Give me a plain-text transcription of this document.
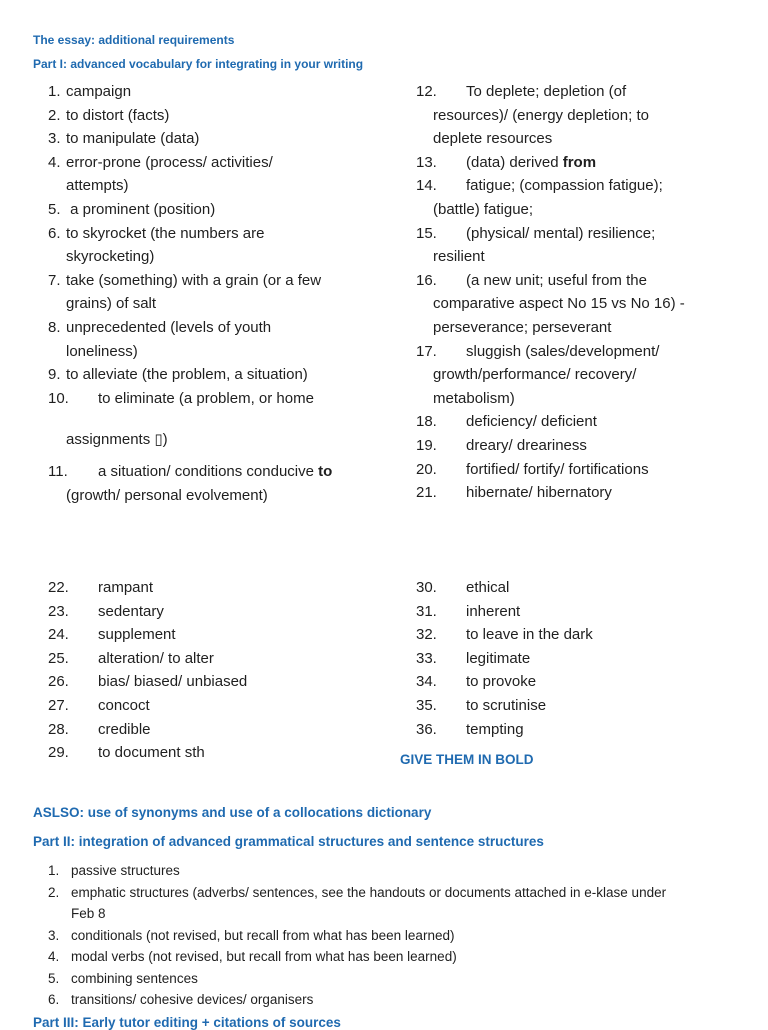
The essay: additional requirements
Part I: advanced vocabulary for integrating in your writing
1. campaign
2. to distort (facts)
3. to manipulate (data)
4. error-prone (process/ activities/
attempts)
5. a prominent (position)
6. to skyrocket (the numbers are
skyrocketing)
7. take (something) with a grain (or a few
grains) of salt
8. unprecedented (levels of youth
loneliness)
9. to alleviate (the problem, a situation)
10. to eliminate (a problem, or home
assignments ▯)
11. a situation/ conditions conducive to
(growth/ personal evolvement)
12. To deplete; depletion (of
resources)/ (energy depletion; to
deplete resources
13. (data) derived from
14. fatigue; (compassion fatigue);
(battle) fatigue;
15. (physical/ mental) resilience;
resilient
16. (a new unit; useful from the
comparative aspect No 15 vs No 16) -
perseverance; perseverant
17. sluggish (sales/development/
growth/performance/ recovery/
metabolism)
18. deficiency/ deficient
19. dreary/ dreariness
20. fortified/ fortify/ fortifications
21. hibernate/ hibernatory
22. rampant
23. sedentary
24. supplement
25. alteration/ to alter
26. bias/ biased/ unbiased
27. concoct
28. credible
29. to document sth
30. ethical
31. inherent
32. to leave in the dark
33. legitimate
34. to provoke
35. to scrutinise
36. tempting
GIVE THEM IN BOLD
ASLSO: use of synonyms and use of a collocations dictionary
Part II: integration of advanced grammatical structures and sentence structures
1. passive structures
2. emphatic structures (adverbs/ sentences, see the handouts or documents attached in e-klase under
Feb 8
3. conditionals (not revised, but recall from what has been learned)
4. modal verbs (not revised, but recall from what has been learned)
5. combining sentences
6. transitions/ cohesive devices/ organisers
Part III: Early tutor editing + citations of sources
